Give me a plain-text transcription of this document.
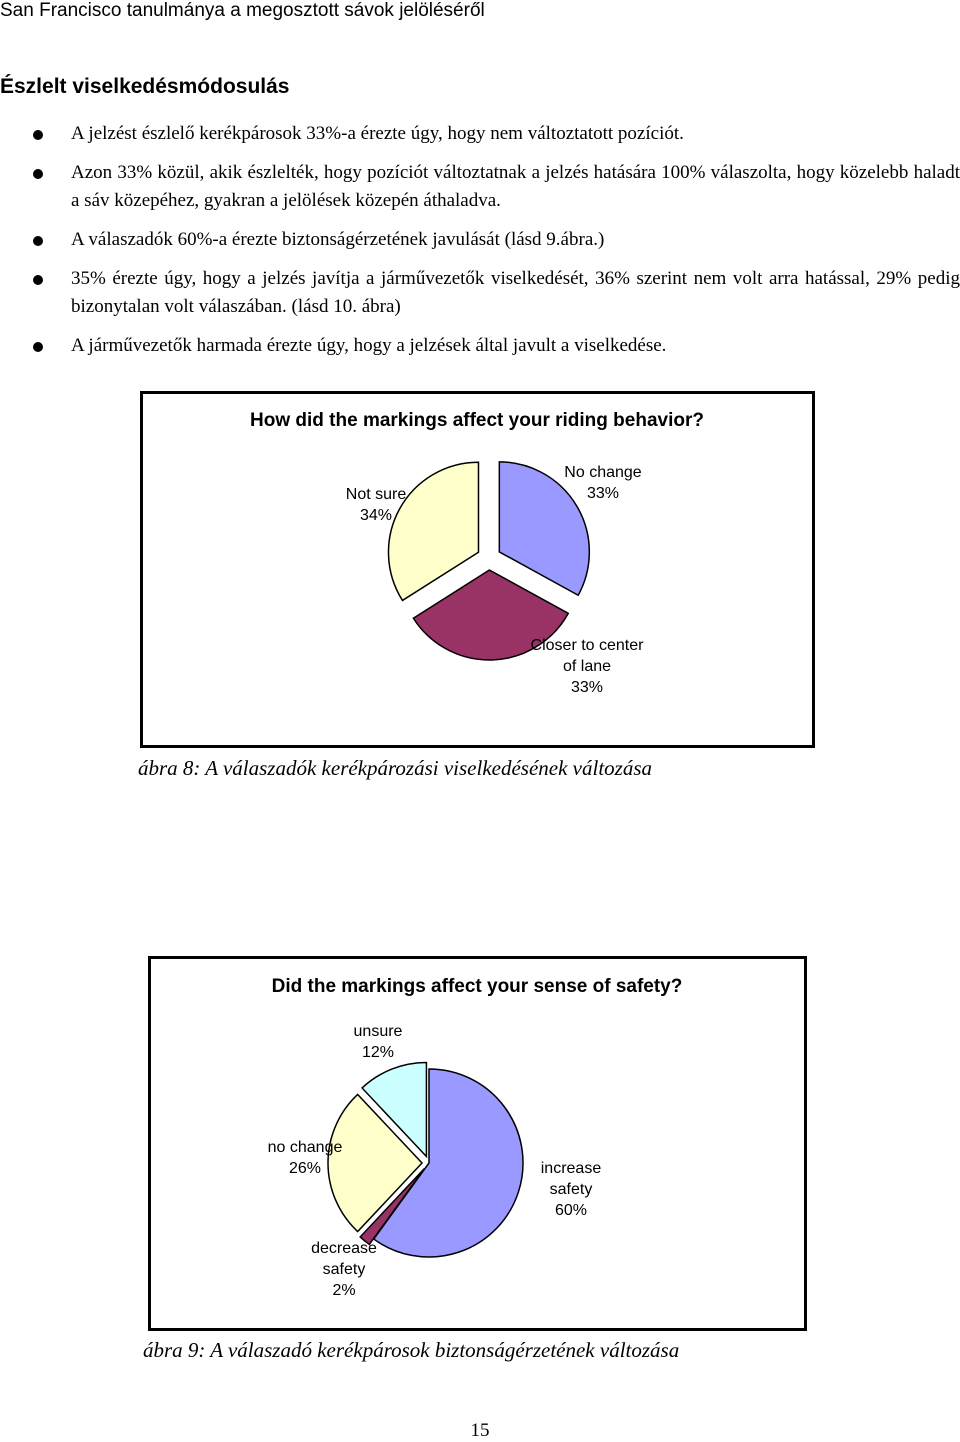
San Francisco tanulmánya a megosztott sávok jelöléséről
Észlelt viselkedésmódosulás
A jelzést észlelő kerékpárosok 33%-a érezte úgy, hogy nem változtatott pozíciót.
Azon 33% közül, akik észlelték, hogy pozíciót változtatnak a jelzés hatására 100% válaszolta, hogy közelebb haladt a sáv közepéhez, gyakran a jelölések közepén áthaladva.
A válaszadók 60%-a érezte biztonságérzetének javulását (lásd 9.ábra.)
35% érezte úgy, hogy a jelzés javítja a járművezetők viselkedését, 36% szerint nem volt arra hatással, 29% pedig bizonytalan volt válaszában. (lásd 10. ábra)
A járművezetők harmada érezte úgy, hogy a jelzések által javult a viselkedése.
How did the markings affect your riding behavior?
No change
33%
Closer to center
of lane
33%
Not sure
34%
ábra 8: A válaszadók kerékpározási viselkedésének változása
Did the markings affect your sense of safety?
increase
safety
60%
decrease
safety
2%
no change
26%
unsure
12%
ábra 9: A válaszadó kerékpárosok biztonságérzetének változása
15
